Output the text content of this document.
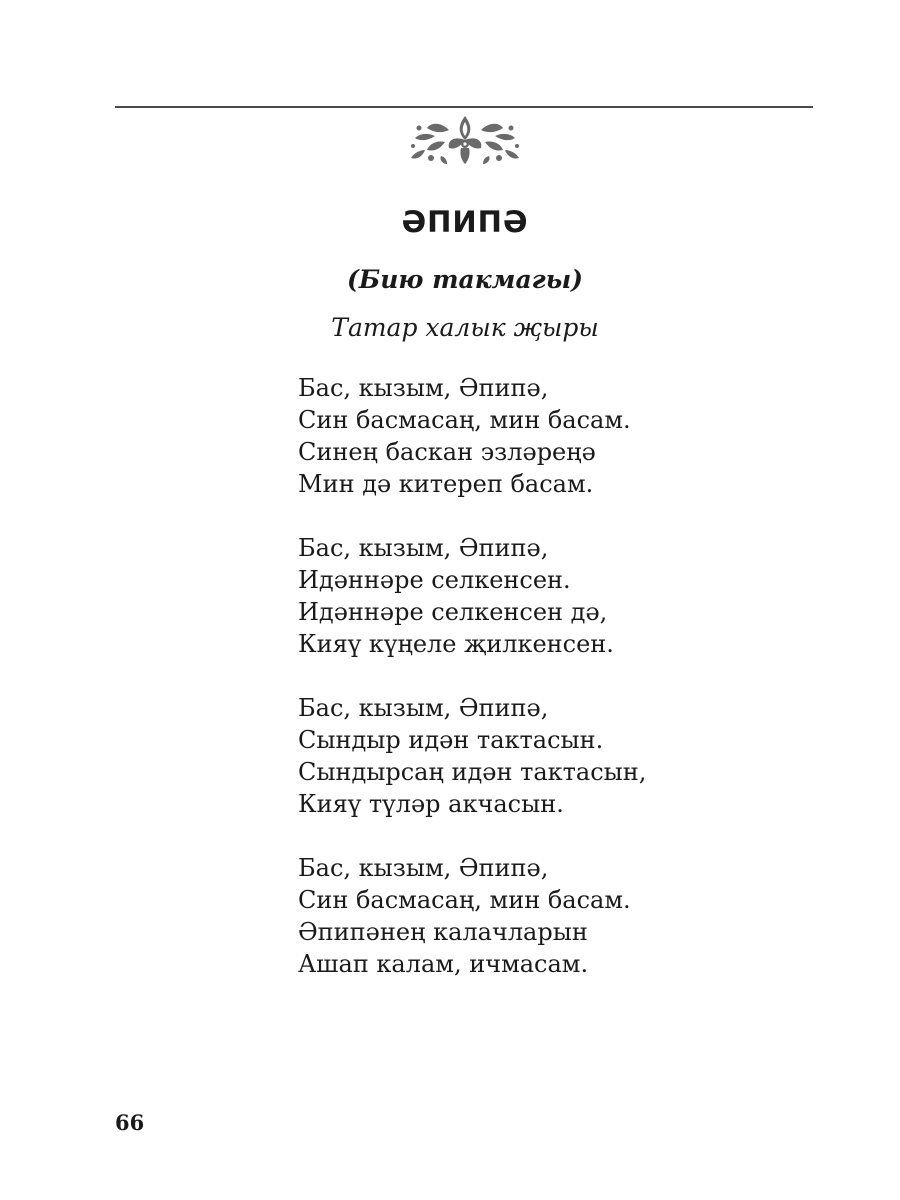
ӘПИПӘ

(Бию такмагы)

Татар халык җыры

Бас, кызым, Әпипә,
Син басмасаң, мин басам.
Синең баскан эзләреңә
Мин дә китереп басам.
Бас, кызым, Әпипә,
Идәннәре селкенсен.
Идәннәре селкенсен дә,
Кияү күңеле җилкенсен.
Бас, кызым, Әпипә,
Сындыр идән тактасын.
Сындырсаң идән тактасын,
Кияү түләр акчасын.
Бас, кызым, Әпипә,
Син басмасаң, мин басам.
Әпипәнең калачларын
Ашап калам, ичмасам.
66
